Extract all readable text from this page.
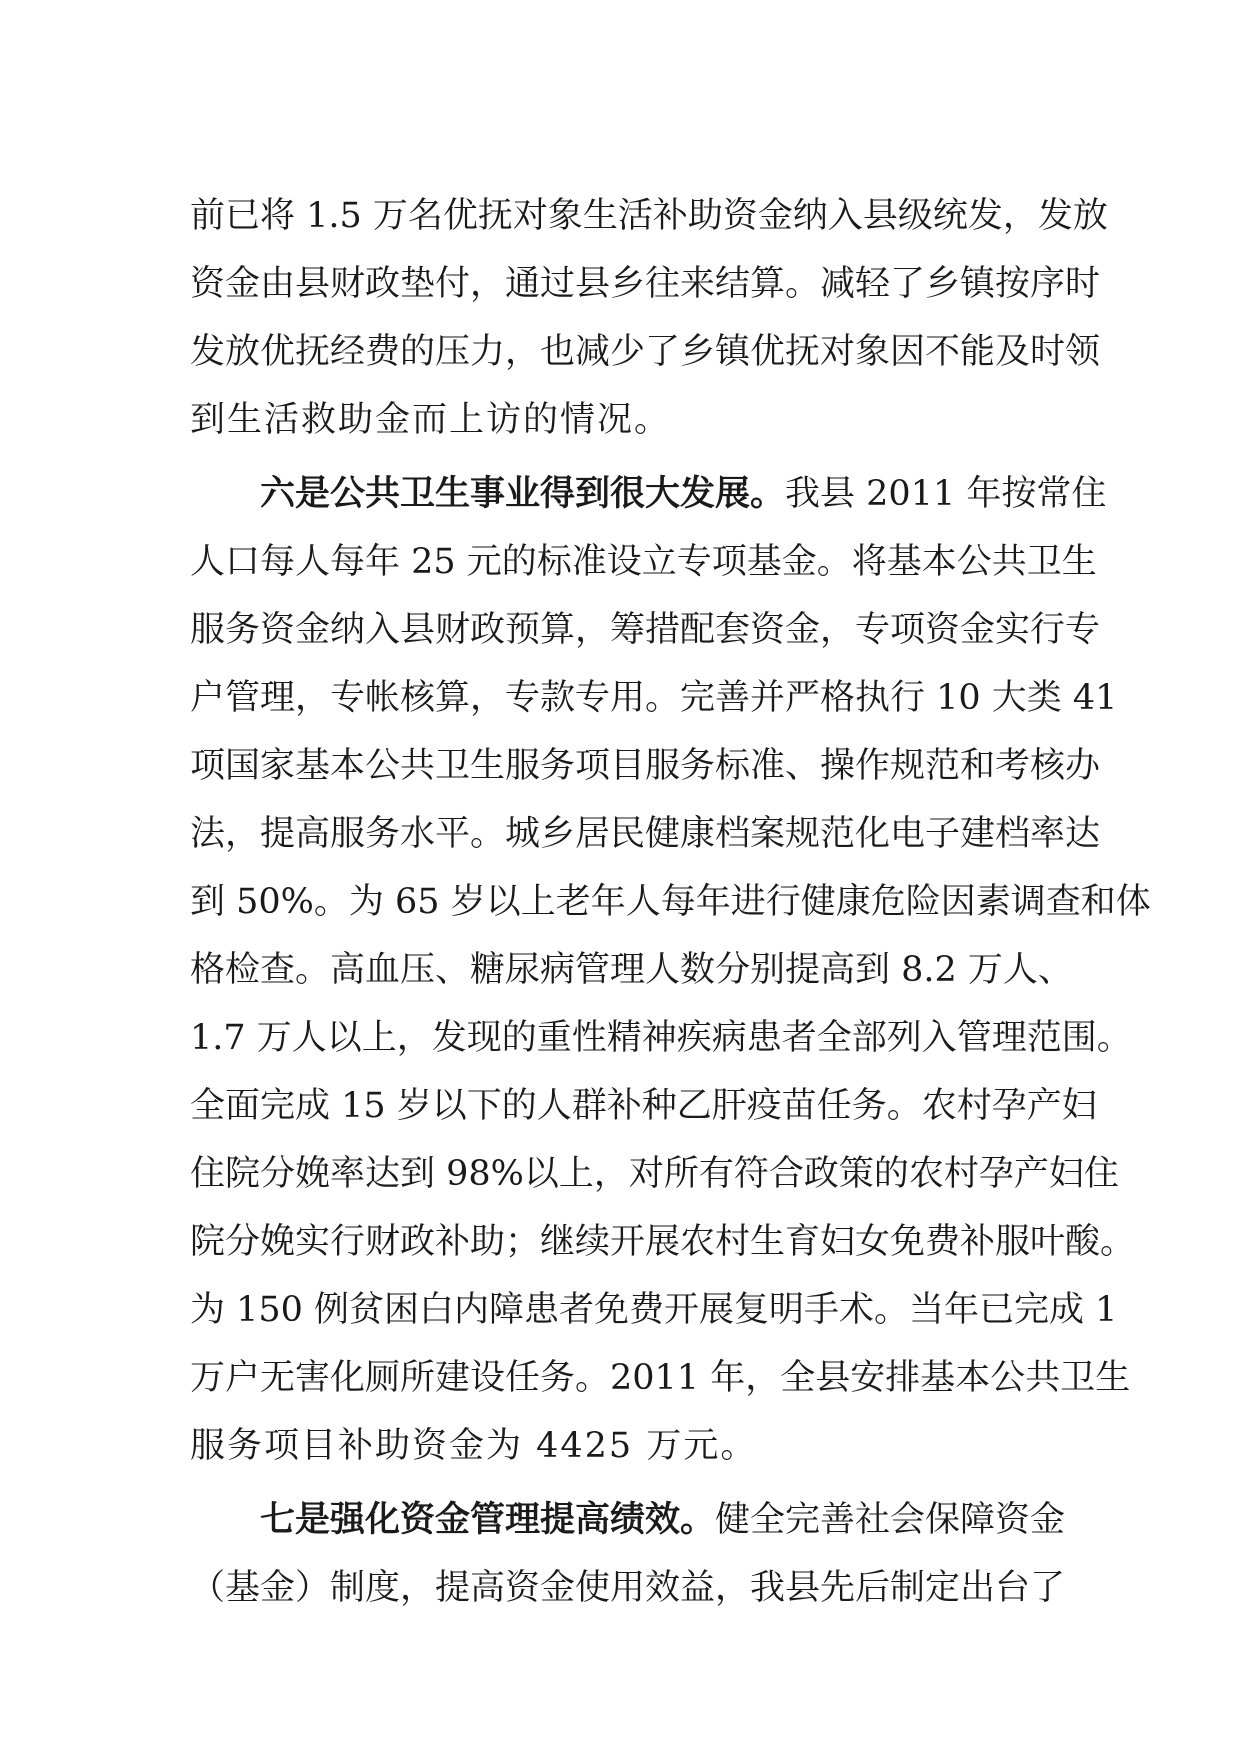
前已将 1.5 万名优抚对象生活补助资金纳入县级统发，发放

资金由县财政垫付，通过县乡往来结算。减轻了乡镇按序时

发放优抚经费的压力，也减少了乡镇优抚对象因不能及时领

到生活救助金而上访的情况。

六是公共卫生事业得到很大发展。我县 2011 年按常住

人口每人每年 25 元的标准设立专项基金。将基本公共卫生

服务资金纳入县财政预算，筹措配套资金，专项资金实行专

户管理，专帐核算，专款专用。完善并严格执行 10 大类 41

项国家基本公共卫生服务项目服务标准、操作规范和考核办

法，提高服务水平。城乡居民健康档案规范化电子建档率达

到 50%。为 65 岁以上老年人每年进行健康危险因素调查和体

格检查。高血压、糖尿病管理人数分别提高到 8.2 万人、

1.7 万人以上，发现的重性精神疾病患者全部列入管理范围。

全面完成 15 岁以下的人群补种乙肝疫苗任务。农村孕产妇

住院分娩率达到 98%以上，对所有符合政策的农村孕产妇住

院分娩实行财政补助；继续开展农村生育妇女免费补服叶酸。

为 150 例贫困白内障患者免费开展复明手术。当年已完成 1

万户无害化厕所建设任务。2011 年，全县安排基本公共卫生

服务项目补助资金为 4425 万元。

七是强化资金管理提高绩效。健全完善社会保障资金

（基金）制度，提高资金使用效益，我县先后制定出台了
